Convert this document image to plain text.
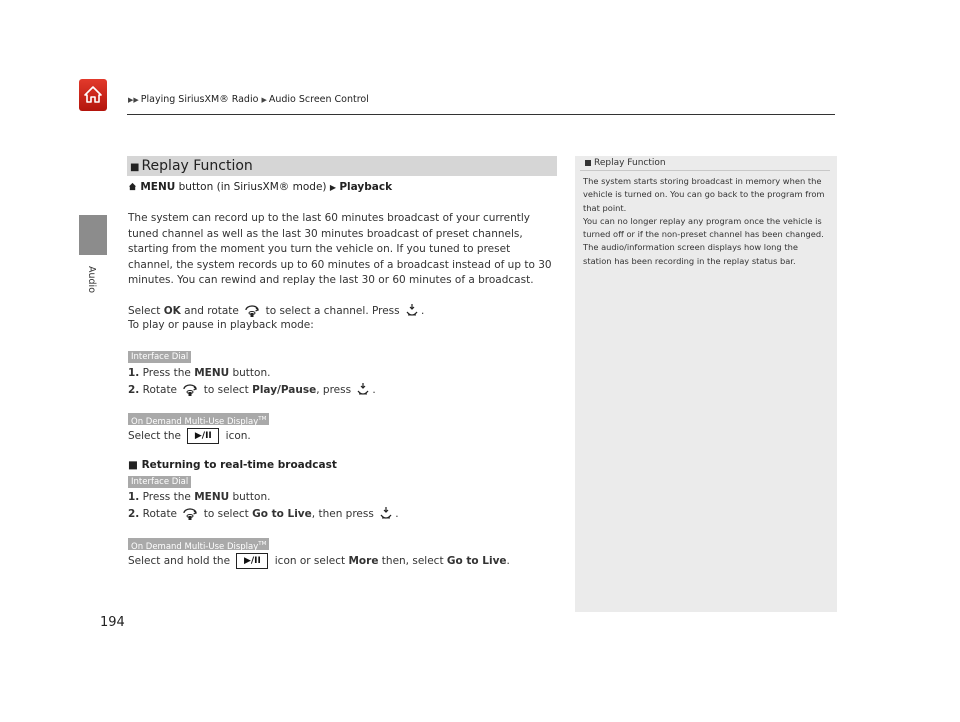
▶▶ Playing SiriusXM® Radio ▶ Audio Screen Control
Audio
■ Replay Function
MENU button (in SiriusXM® mode) ▶ Playback
The system can record up to the last 60 minutes broadcast of your currently tuned channel as well as the last 30 minutes broadcast of preset channels, starting from the moment you turn the vehicle on. If you tuned to preset channel, the system records up to 60 minutes of a broadcast instead of up to 30 minutes. You can rewind and replay the last 30 or 60 minutes of a broadcast.
Select OK and rotate	to select a channel. Press .
To play or pause in playback mode:
Interface Dial
1. Press the MENU button.
2. Rotate	to select Play/Pause, press .
On Demand Multi-Use Display™
Select the ▶/II icon.
■ Returning to real-time broadcast
Interface Dial
1. Press the MENU button.
2. Rotate	to select Go to Live, then press .
On Demand Multi-Use Display™
Select and hold the ▶/II icon or select More then, select Go to Live.
Replay Function

The system starts storing broadcast in memory when the vehicle is turned on. You can go back to the program from that point.

You can no longer replay any program once the vehicle is turned off or if the non-preset channel has been changed.

The audio/information screen displays how long the station has been recording in the replay status bar.

194
